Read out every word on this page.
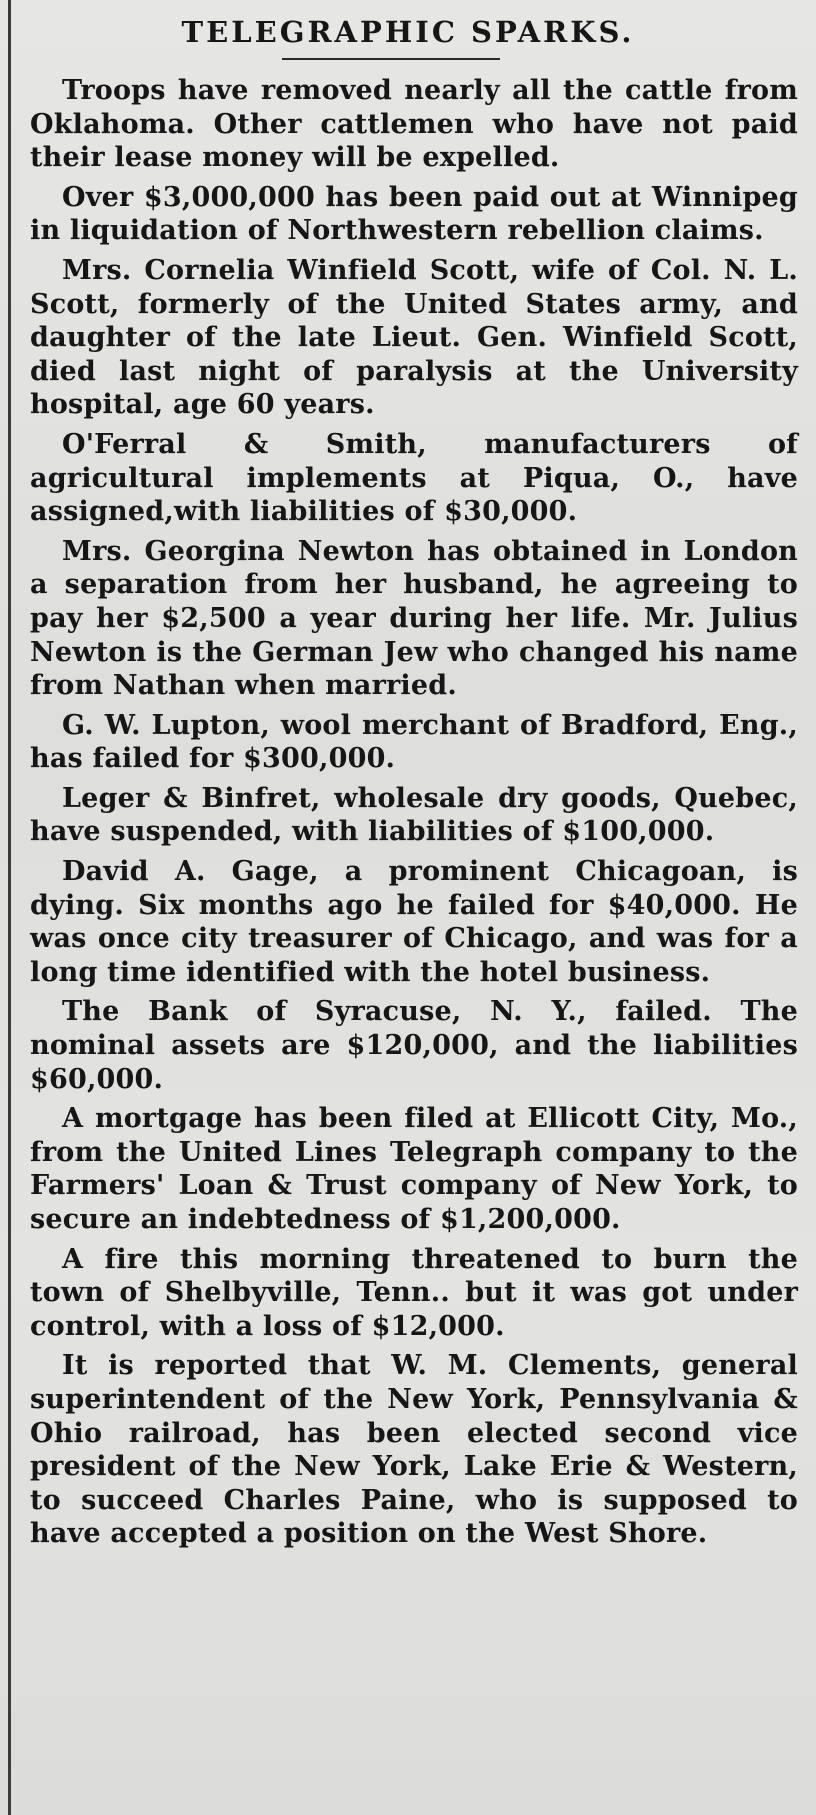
TELEGRAPHIC SPARKS.

Troops have removed nearly all the cattle from Oklahoma. Other cattlemen who have not paid their lease money will be expelled.

Over $3,000,000 has been paid out at Winnipeg in liquidation of Northwestern rebellion claims.

Mrs. Cornelia Winfield Scott, wife of Col. N. L. Scott, formerly of the United States army, and daughter of the late Lieut. Gen. Winfield Scott, died last night of paralysis at the University hospital, age 60 years.

O'Ferral & Smith, manufacturers of agricultural implements at Piqua, O., have assigned,with liabilities of $30,000.

Mrs. Georgina Newton has obtained in London a separation from her husband, he agreeing to pay her $2,500 a year during her life. Mr. Julius Newton is the German Jew who changed his name from Nathan when married.

G. W. Lupton, wool merchant of Bradford, Eng., has failed for $300,000.

Leger & Binfret, wholesale dry goods, Quebec, have suspended, with liabilities of $100,000.

David A. Gage, a prominent Chicagoan, is dying. Six months ago he failed for $40,000. He was once city treasurer of Chicago, and was for a long time identified with the hotel business.

The Bank of Syracuse, N. Y., failed. The nominal assets are $120,000, and the liabilities $60,000.

A mortgage has been filed at Ellicott City, Mo., from the United Lines Telegraph company to the Farmers' Loan & Trust company of New York, to secure an indebtedness of $1,200,000.

A fire this morning threatened to burn the town of Shelbyville, Tenn.. but it was got under control, with a loss of $12,000.

It is reported that W. M. Clements, general superintendent of the New York, Pennsylvania & Ohio railroad, has been elected second vice president of the New York, Lake Erie & Western, to succeed Charles Paine, who is supposed to have accepted a position on the West Shore.
